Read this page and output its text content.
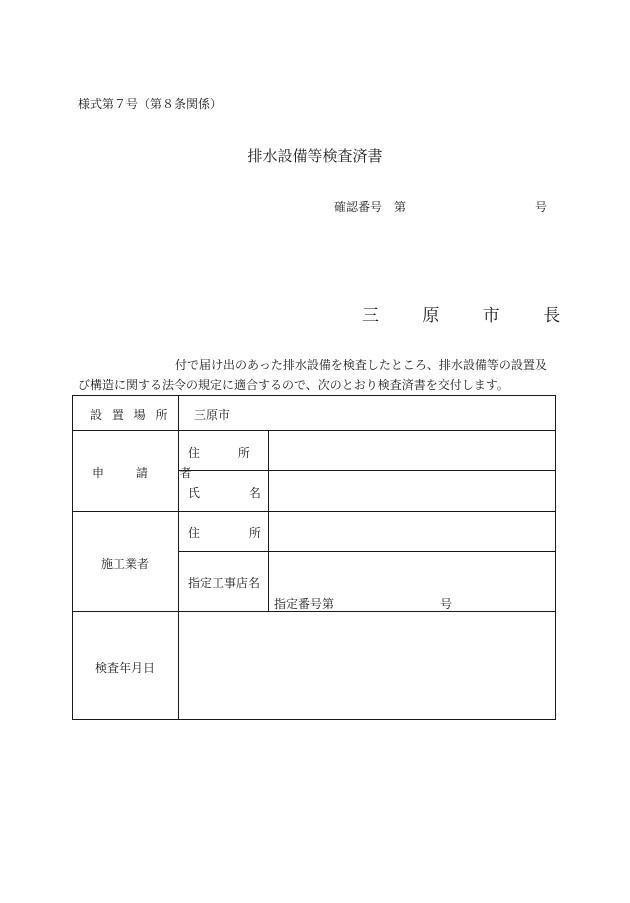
様式第７号（第８条関係）
排水設備等検査済書
確認番号 第	号
三 原 市 長
付で届け出のあった排水設備を検査したところ、排水設備等の設置及
び構造に関する法令の規定に適合するので、次のとおり検査済書を交付します。
設 置 場 所 三原市
申 請 者
住 所
氏 名
施工業者
住 所
指定工事店名
指定番号第	号
検査年月日
